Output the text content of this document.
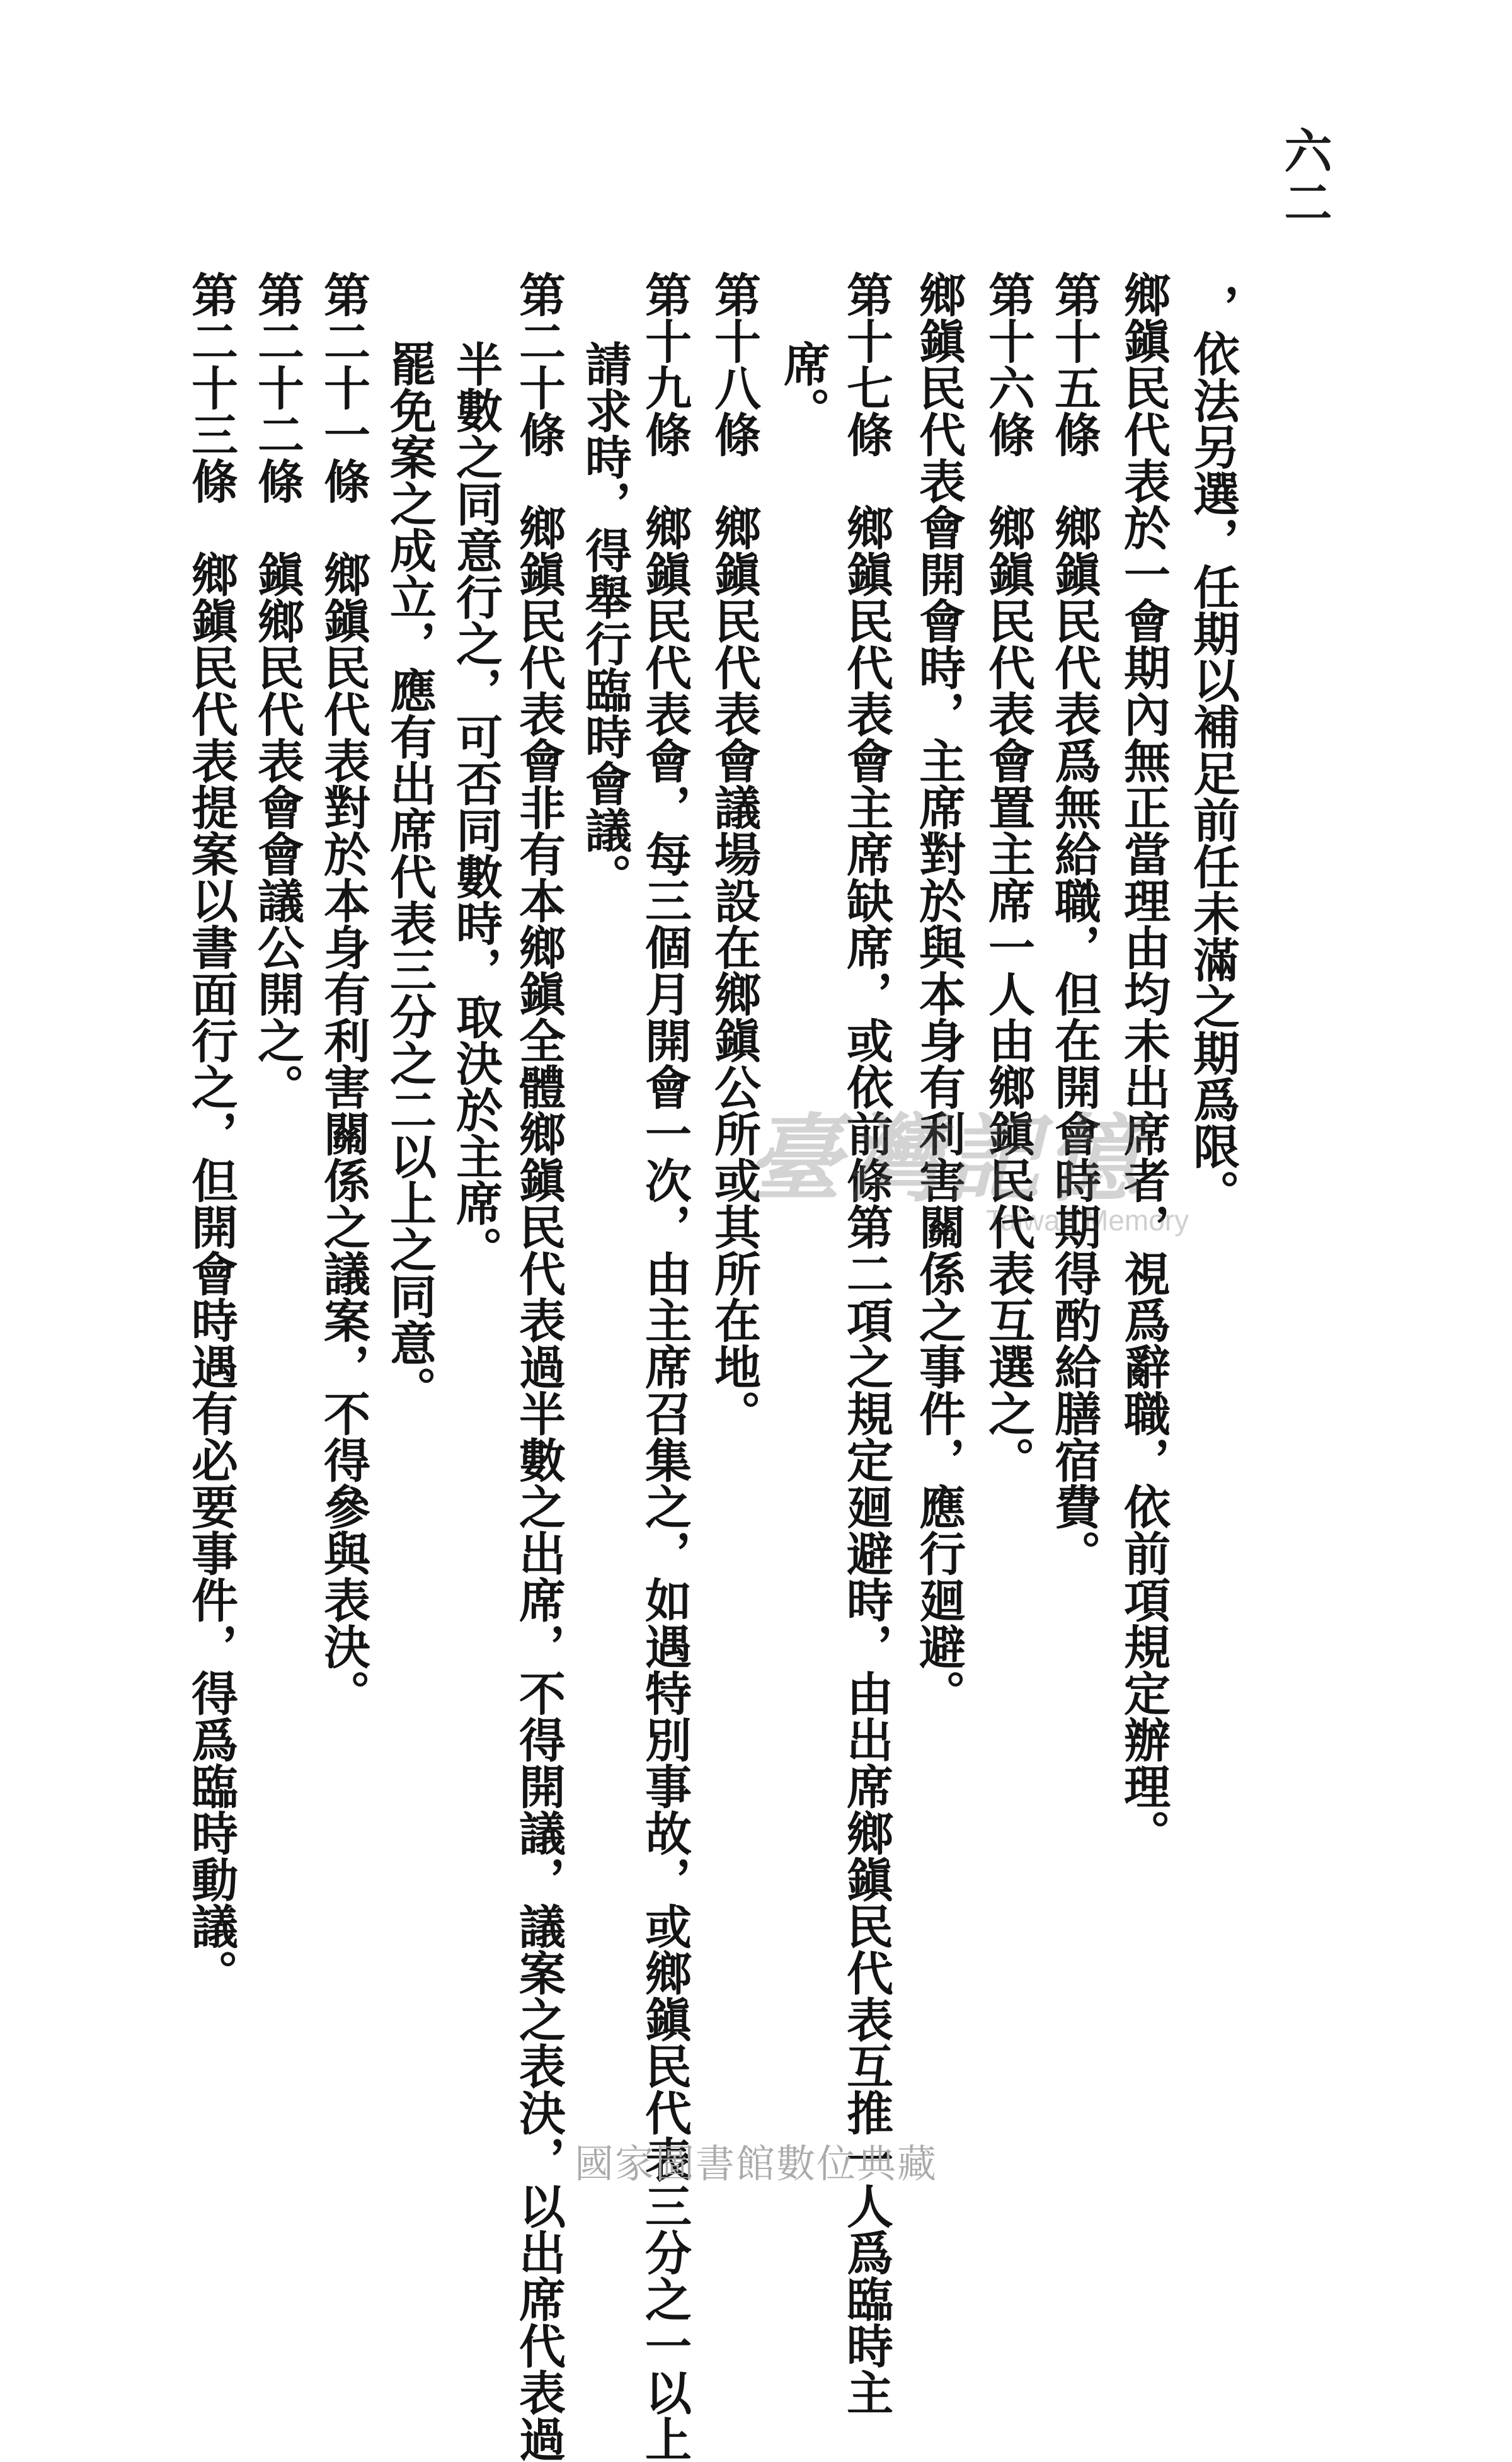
六二
，依法另選，任期以補足前任未滿之期爲限。
鄉鎭民代表於一會期內無正當理由均未出席者，視爲辭職，依前項規定辦理。
第十五條　鄉鎭民代表爲無給職，但在開會時期得酌給膳宿費。
第十六條　鄉鎭民代表會置主席一人由鄉鎭民代表互選之。
鄉鎭民代表會開會時，主席對於與本身有利害關係之事件，應行廻避。
第十七條　鄉鎭民代表會主席缺席，或依前條第二項之規定廻避時，由出席鄉鎭民代表互推一人爲臨時主
席。
第十八條　鄉鎭民代表會議場設在鄉鎭公所或其所在地。
第十九條　鄉鎭民代表會，每三個月開會一次，由主席召集之，如遇特別事故，或鄉鎭民代表三分之一以上
請求時，得舉行臨時會議。
第二十條　鄉鎭民代表會非有本鄉鎭全體鄉鎭民代表過半數之出席，不得開議，議案之表決，以出席代表過
半數之同意行之，可否同數時，取決於主席。
罷免案之成立，應有出席代表三分之二以上之同意。
第二十一條　鄉鎭民代表對於本身有利害關係之議案，不得參與表決。
第二十二條　鎭鄉民代表會會議公開之。
第二十三條　鄉鎭民代表提案以書面行之，但開會時遇有必要事件，得爲臨時動議。	臺灣記憶
Taiwan Memory
國家圖書館數位典藏
